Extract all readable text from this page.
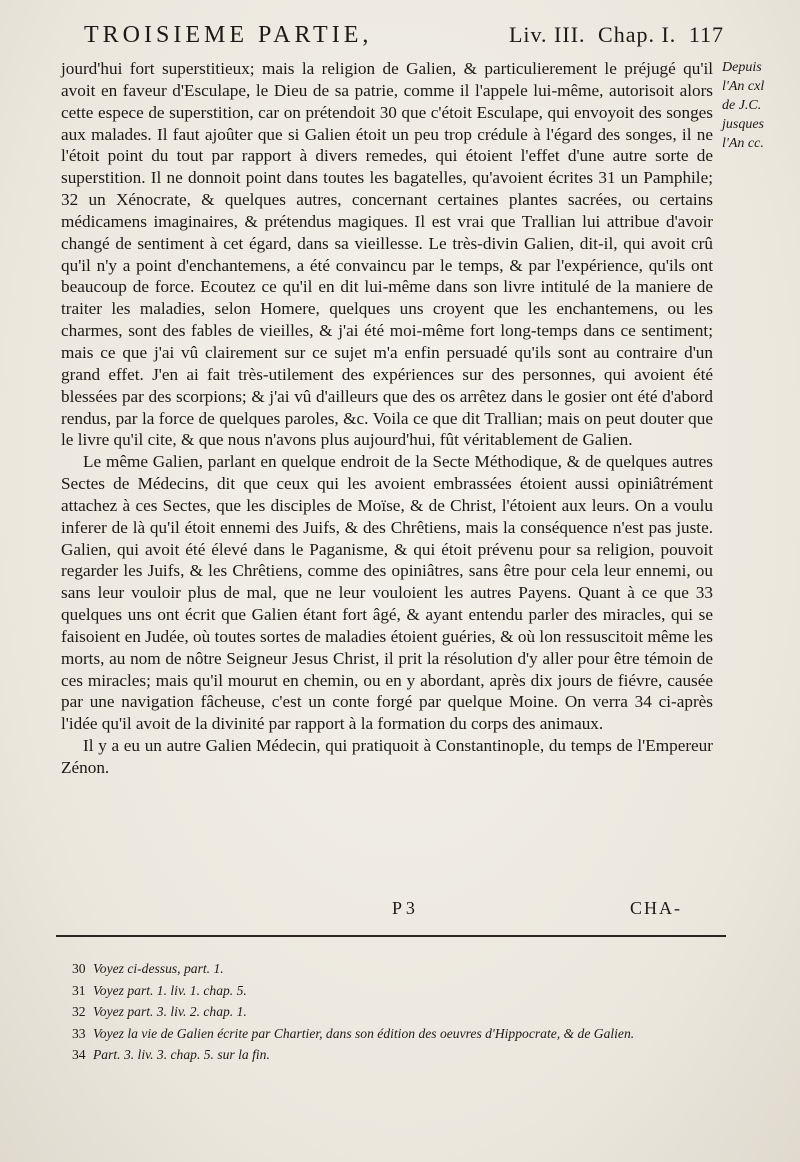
TROISIEME PARTIE,	Liv. III. Chap. I. 117
Depuis
l'An cxl
de J.C.
jusques
l'An cc.

jourd'hui fort superstitieux; mais la religion de Galien, & particulierement le préjugé qu'il avoit en faveur d'Esculape, le Dieu de sa patrie, comme il l'appele lui-même, autorisoit alors cette espece de superstition, car on prétendoit 30 que c'étoit Esculape, qui envoyoit des songes aux malades. Il faut ajoûter que si Galien étoit un peu trop crédule à l'égard des songes, il ne l'étoit point du tout par rapport à divers remedes, qui étoient l'effet d'une autre sorte de superstition. Il ne donnoit point dans toutes les bagatelles, qu'avoient écrites 31 un Pamphile; 32 un Xénocrate, & quelques autres, concernant certaines plantes sacrées, ou certains médicamens imaginaires, & prétendus magiques. Il est vrai que Trallian lui attribue d'avoir changé de sentiment à cet égard, dans sa vieillesse. Le très-divin Galien, dit-il, qui avoit crû qu'il n'y a point d'enchantemens, a été convaincu par le temps, & par l'expérience, qu'ils ont beaucoup de force. Ecoutez ce qu'il en dit lui-même dans son livre intitulé de la maniere de traiter les maladies, selon Homere, quelques uns croyent que les enchantemens, ou les charmes, sont des fables de vieilles, & j'ai été moi-même fort long-temps dans ce sentiment; mais ce que j'ai vû clairement sur ce sujet m'a enfin persuadé qu'ils sont au contraire d'un grand effet. J'en ai fait très-utilement des expériences sur des personnes, qui avoient été blessées par des scorpions; & j'ai vû d'ailleurs que des os arrêtez dans le gosier ont été d'abord rendus, par la force de quelques paroles, &c. Voila ce que dit Trallian; mais on peut douter que le livre qu'il cite, & que nous n'avons plus aujourd'hui, fût véritablement de Galien.

Le même Galien, parlant en quelque endroit de la Secte Méthodique, & de quelques autres Sectes de Médecins, dit que ceux qui les avoient embrassées étoient aussi opiniâtrément attachez à ces Sectes, que les disciples de Moïse, & de Christ, l'étoient aux leurs. On a voulu inferer de là qu'il étoit ennemi des Juifs, & des Chrêtiens, mais la conséquence n'est pas juste. Galien, qui avoit été élevé dans le Paganisme, & qui étoit prévenu pour sa religion, pouvoit regarder les Juifs, & les Chrêtiens, comme des opiniâtres, sans être pour cela leur ennemi, ou sans leur vouloir plus de mal, que ne leur vouloient les autres Payens. Quant à ce que 33 quelques uns ont écrit que Galien étant fort âgé, & ayant entendu parler des miracles, qui se faisoient en Judée, où toutes sortes de maladies étoient guéries, & où lon ressuscitoit même les morts, au nom de nôtre Seigneur Jesus Christ, il prit la résolution d'y aller pour être témoin de ces miracles; mais qu'il mourut en chemin, ou en y abordant, après dix jours de fiévre, causée par une navigation fâcheuse, c'est un conte forgé par quelque Moine. On verra 34 ci-après l'idée qu'il avoit de la divinité par rapport à la formation du corps des animaux.

Il y a eu un autre Galien Médecin, qui pratiquoit à Constantinople, du temps de l'Empereur Zénon.

P 3	CHA-
30 Voyez ci-dessus, part. 1.
31 Voyez part. 1. liv. 1. chap. 5.
32 Voyez part. 3. liv. 2. chap. 1.
33 Voyez la vie de Galien écrite par Chartier, dans son édition des oeuvres d'Hippocrate, & de Galien.
34 Part. 3. liv. 3. chap. 5. sur la fin.
